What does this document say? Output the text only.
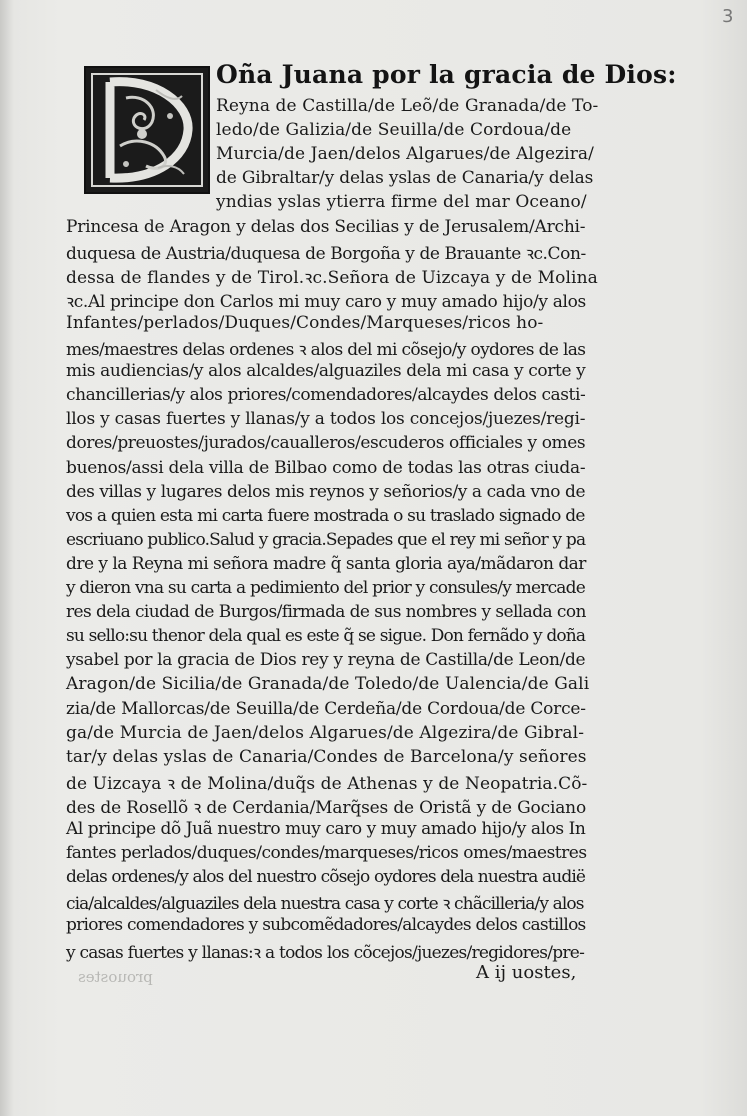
3
Oña Juana por la gracia de Dios:
Reyna de Castilla/de Leõ/de Granada/de To-
ledo/de Galizia/de Seuilla/de Cordoua/de
Murcia/de Jaen/delos Algarues/de Algezira/
de Gibraltar/y delas yslas de Canaria/y delas
yndias yslas ytierra firme del mar Oceano/
Princesa de Aragon y delas dos Secilias y de Jerusalem/Archi-
duquesa de Austria/duquesa de Borgoña y de Brauante ꝛc.Con-
dessa de flandes y de Tirol.ꝛc.Señora de Uizcaya y de Molina
ꝛc.Al principe don Carlos mi muy caro y muy amado hijo/y alos
Infantes/perlados/Duques/Condes/Marqueses/ricos ho-
mes/maestres delas ordenes ꝛ alos del mi cõsejo/y oydores de las
mis audiencias/y alos alcaldes/alguaziles dela mi casa y corte y
chancillerias/y alos priores/comendadores/alcaydes delos casti-
llos y casas fuertes y llanas/y a todos los concejos/juezes/regi-
dores/preuostes/jurados/caualleros/escuderos officiales y omes
buenos/assi dela villa de Bilbao como de todas las otras ciuda-
des villas y lugares delos mis reynos y señorios/y a cada vno de
vos a quien esta mi carta fuere mostrada o su traslado signado de
escriuano publico.Salud y gracia.Sepades que el rey mi señor y pa
dre y la Reyna mi señora madre q̃ santa gloria aya/mãdaron dar
y dieron vna su carta a pedimiento del prior y consules/y mercade
res dela ciudad de Burgos/firmada de sus nombres y sellada con
su sello:su thenor dela qual es este q̃ se sigue. Don fernãdo y doña
ysabel por la gracia de Dios rey y reyna de Castilla/de Leon/de
Aragon/de Sicilia/de Granada/de Toledo/de Ualencia/de Gali
zia/de Mallorcas/de Seuilla/de Cerdeña/de Cordoua/de Corce-
ga/de Murcia de Jaen/delos Algarues/de Algezira/de Gibral-
tar/y delas yslas de Canaria/Condes de Barcelona/y señores
de Uizcaya ꝛ de Molina/duq̃s de Athenas y de Neopatria.Cõ-
des de Rosellõ ꝛ de Cerdania/Marq̃ses de Oristã y de Gociano
Al principe dõ Juã nuestro muy caro y muy amado hijo/y alos In
fantes perlados/duques/condes/marqueses/ricos omes/maestres
delas ordenes/y alos del nuestro cõsejo oydores dela nuestra audië
cia/alcaldes/alguaziles dela nuestra casa y corte ꝛ chãcilleria/y alos
priores comendadores y subcomẽdadores/alcaydes delos castillos
y casas fuertes y llanas:ꝛ a todos los cõcejos/juezes/regidores/pre-
A ij uostes,
prouostes
